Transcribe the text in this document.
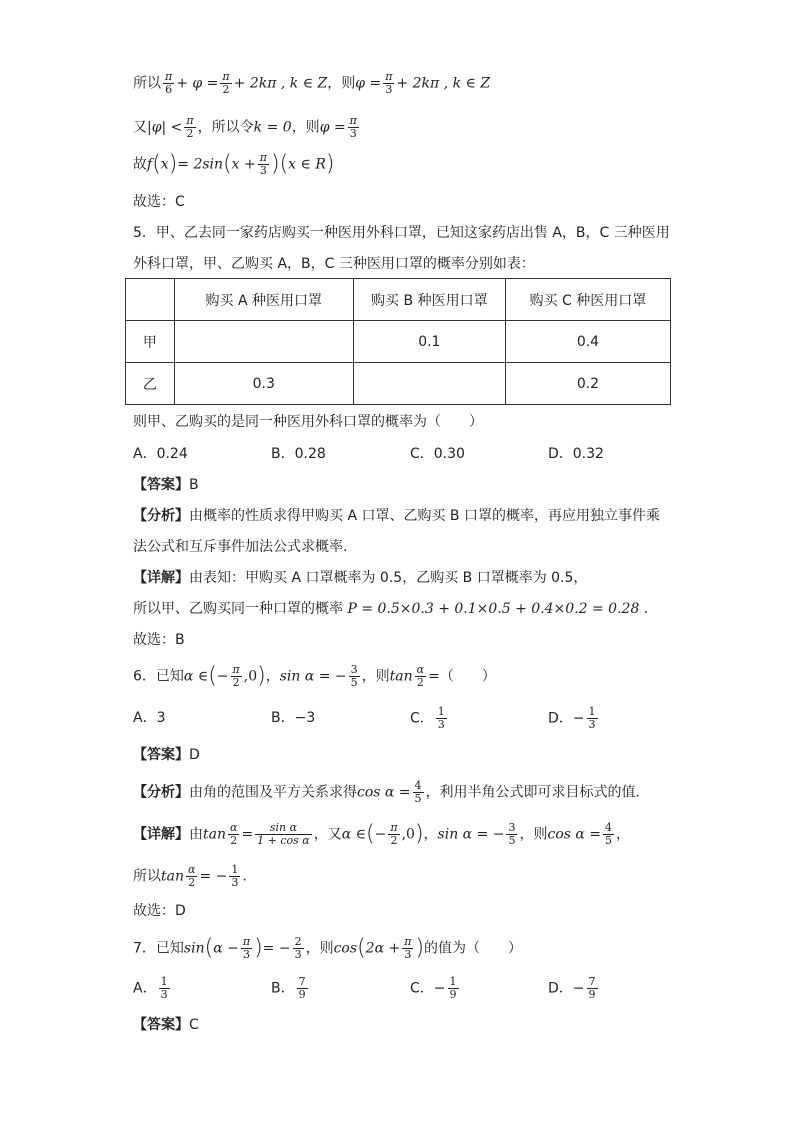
所以 $\frac{\pi}{6} + \varphi = \frac{\pi}{2} + 2k\pi$ , k ∈ Z，则$\varphi = \frac{\pi}{3} + 2k\pi$ , k ∈ Z
又$|\varphi| < \frac{\pi}{2}$ ，所以令k = 0，则$\varphi = \frac{\pi}{3}$
故$f(x)= 2\sin(x + \frac{\pi}{3} )(x$ ∈ R)
故选：C
5．甲、乙去同一家药店购买一种医用外科口罩，已知这家药店出售 A，B，C 三种医用
外科口罩，甲、乙购买 A，B，C 三种医用口罩的概率分别如表：
	购买 A 种医用口罩	购买 B 种医用口罩	购买 C 种医用口罩
甲		0.1	0.4
乙	0.3		0.2
则甲、乙购买的是同一种医用外科口罩的概率为（　　）
A．0.24	B．0.28	C．0.30	D．0.32
【答案】B
【分析】由概率的性质求得甲购买 A 口罩、乙购买 B 口罩的概率，再应用独立事件乘
法公式和互斥事件加法公式求概率.
【详解】由表知：甲购买 A 口罩概率为 0.5，乙购买 B 口罩概率为 0.5，
所以甲、乙购买同一种口罩的概率 P = 0.5×0.3 + 0.1×0.5 + 0.4×0.2 = 0.28 .
故选：B
6．已知α ∈(− $\frac{\pi}{2} ,0$)，sin α = − $\frac{3}{5}$ ，则$\tan \frac{\alpha}{2}$ =（　　）
A．3	B．−3	C． $\frac{1}{3}$	D．− $\frac{1}{3}$
【答案】D
【分析】由角的范围及平方关系求得$\cos \alpha = \frac{4}{5}$ ，利用半角公式即可求目标式的值.
【详解】由$\tan \frac{\alpha}{2} = \frac{\text{sin α}}{\text{1 + cos α}}$ ，又α ∈(− $\frac{\pi}{2} ,0$)，sin α = − $\frac{3}{5}$ ，则$\cos \alpha = \frac{4}{5}$ ，
所以$\tan \frac{\alpha}{2}$ = − $\frac{1}{3}$ .
故选：D
7．已知$\sin(\alpha - \frac{\pi}{3}$ )= − $\frac{2}{3}$ ，则$\cos(2\alpha + \frac{\pi}{3}$ )的值为（　　）
A． $\frac{1}{3}$	B． $\frac{7}{9}$	C．− $\frac{1}{9}$	D．− $\frac{7}{9}$
【答案】C
